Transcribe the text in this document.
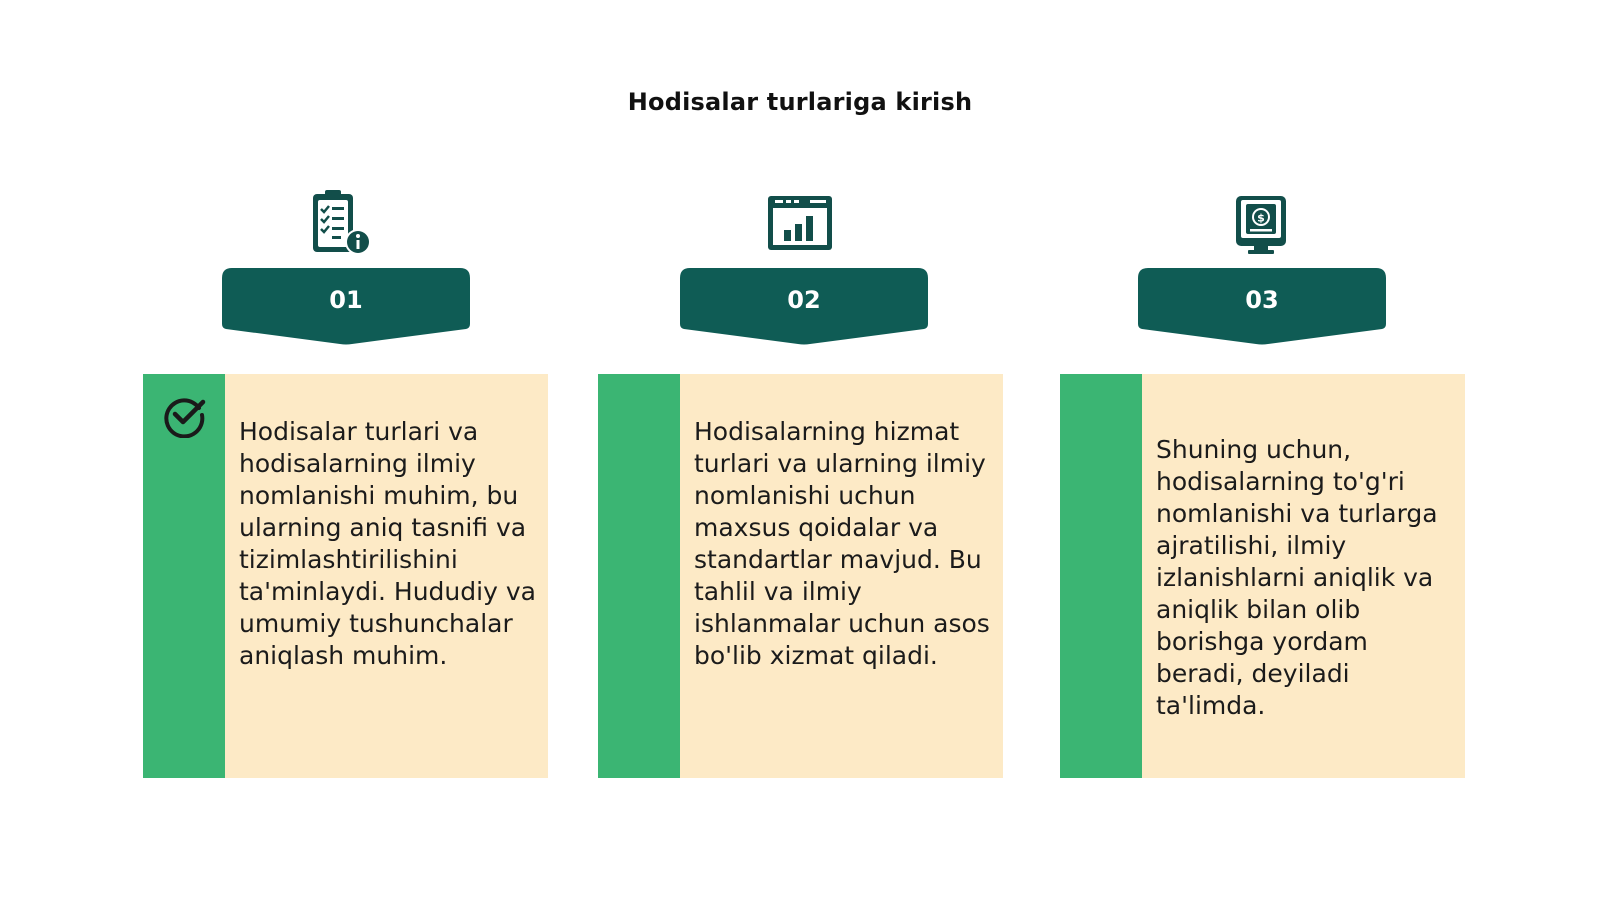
Hodisalar turlariga kirish
01
Hodisalar turlari va hodisalarning ilmiy nomlanishi muhim, bu ularning aniq tasnifi va tizimlashtirilishini ta'minlaydi. Hududiy va umumiy tushunchalar aniqlash muhim.
02
Hodisalarning hizmat turlari va ularning ilmiy nomlanishi uchun maxsus qoidalar va standartlar mavjud. Bu tahlil va ilmiy ishlanmalar uchun asos bo'lib xizmat qiladi.
$
03
Shuning uchun, hodisalarning to'g'ri nomlanishi va turlarga ajratilishi, ilmiy izlanishlarni aniqlik va aniqlik bilan olib borishga yordam beradi, deyiladi ta'limda.
